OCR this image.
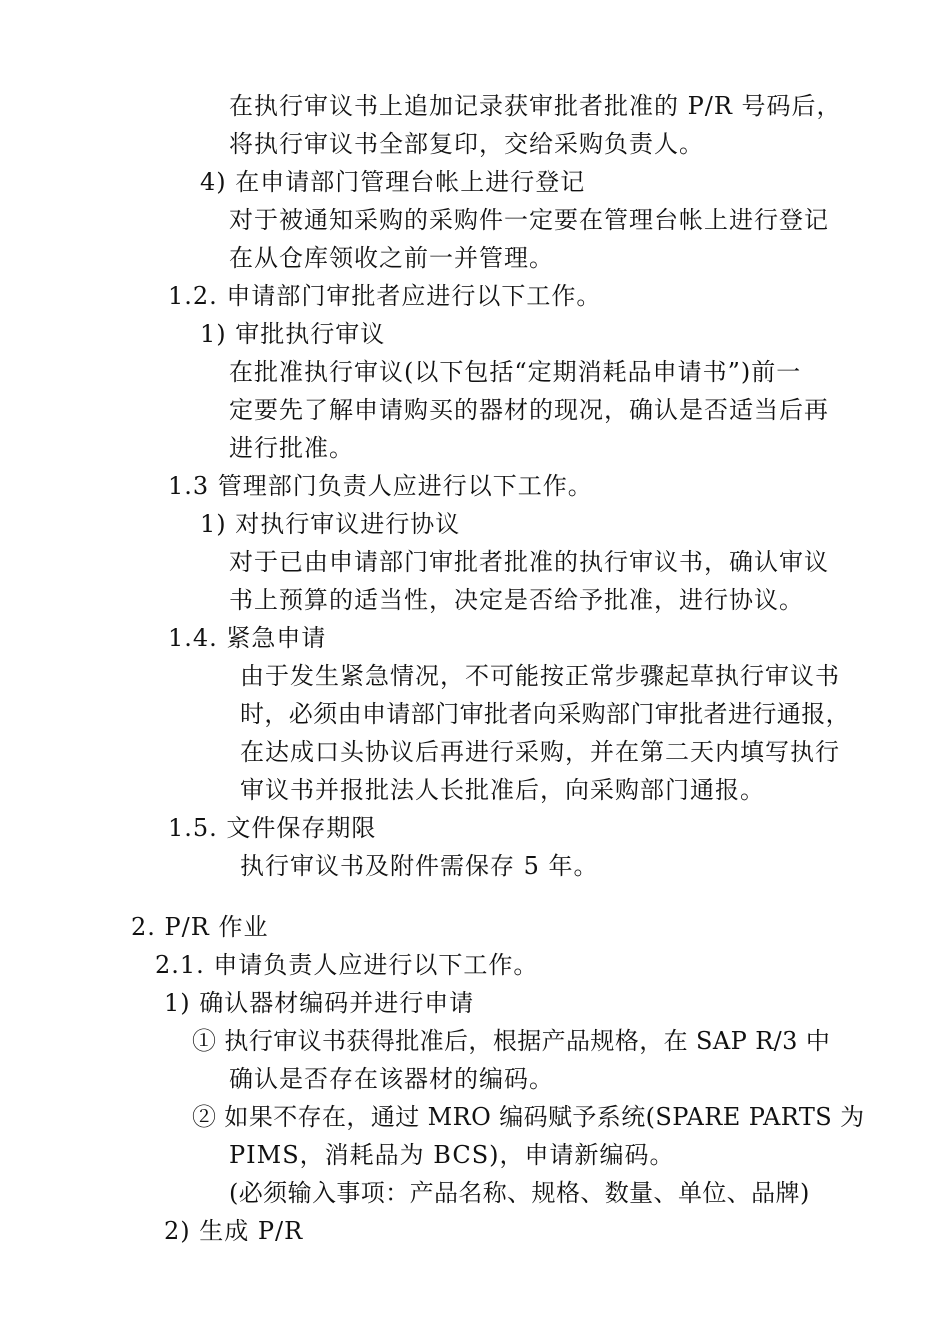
在执行审议书上追加记录获审批者批准的 P/R 号码后，
将执行审议书全部复印，交给采购负责人。
4) 在申请部门管理台帐上进行登记
对于被通知采购的采购件一定要在管理台帐上进行登记
在从仓库领收之前一并管理。
1.2. 申请部门审批者应进行以下工作。
1) 审批执行审议
在批准执行审议(以下包括“定期消耗品申请书”)前一
定要先了解申请购买的器材的现况，确认是否适当后再
进行批准。
1.3 管理部门负责人应进行以下工作。
1) 对执行审议进行协议
对于已由申请部门审批者批准的执行审议书，确认审议
书上预算的适当性，决定是否给予批准，进行协议。
1.4. 紧急申请
由于发生紧急情况，不可能按正常步骤起草执行审议书
时，必须由申请部门审批者向采购部门审批者进行通报，
在达成口头协议后再进行采购，并在第二天内填写执行
审议书并报批法人长批准后，向采购部门通报。
1.5. 文件保存期限
执行审议书及附件需保存 5 年。
2. P/R 作业
2.1. 申请负责人应进行以下工作。
1) 确认器材编码并进行申请
① 执行审议书获得批准后，根据产品规格，在 SAP R/3 中
确认是否存在该器材的编码。
② 如果不存在，通过 MRO 编码赋予系统(SPARE PARTS 为
PIMS，消耗品为 BCS)，申请新编码。
(必须输入事项：产品名称、规格、数量、单位、品牌)
2) 生成 P/R
